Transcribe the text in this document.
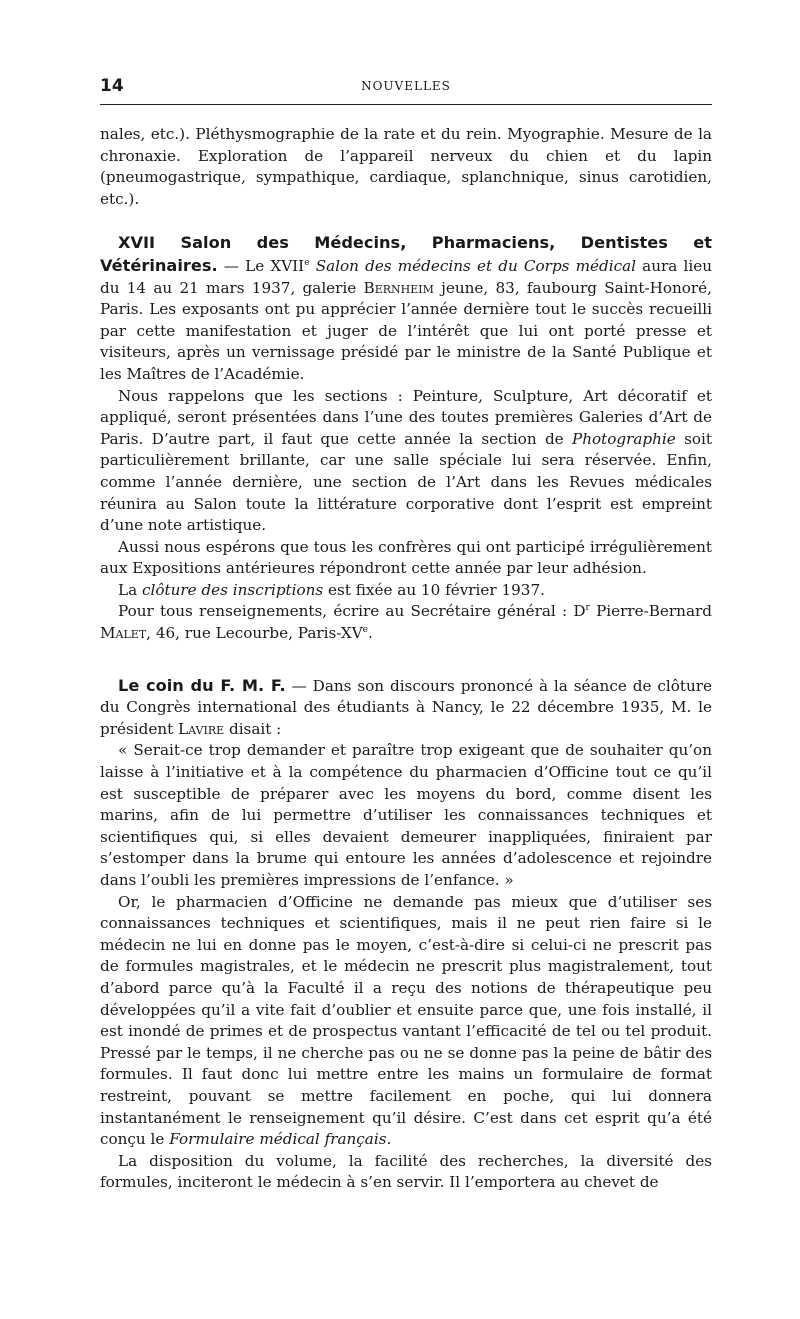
14	NOUVELLES

nales, etc.). Pléthysmographie de la rate et du rein. Myographie. Mesure de la chronaxie. Exploration de l’appareil nerveux du chien et du lapin (pneumogastrique, sympathique, cardiaque, splanchnique, sinus carotidien, etc.).

XVII Salon des Médecins, Pharmaciens, Dentistes et Vétérinaires. — Le XVIIe Salon des médecins et du Corps médical aura lieu du 14 au 21 mars 1937, galerie Bernheim jeune, 83, faubourg Saint-Honoré, Paris. Les exposants ont pu apprécier l’année dernière tout le succès recueilli par cette manifestation et juger de l’intérêt que lui ont porté presse et visiteurs, après un vernissage présidé par le ministre de la Santé Publique et les Maîtres de l’Académie.

Nous rappelons que les sections : Peinture, Sculpture, Art décoratif et appliqué, seront présentées dans l’une des toutes premières Galeries d’Art de Paris. D’autre part, il faut que cette année la section de Photographie soit particulièrement brillante, car une salle spéciale lui sera réservée. Enfin, comme l’année dernière, une section de l’Art dans les Revues médicales réunira au Salon toute la littérature corporative dont l’esprit est empreint d’une note artistique.

Aussi nous espérons que tous les confrères qui ont participé irrégulièrement aux Expositions antérieures répondront cette année par leur adhésion.

La clôture des inscriptions est fixée au 10 février 1937.

Pour tous renseignements, écrire au Secrétaire général : $D^r$ Pierre-Bernard Malet, 46, rue Lecourbe, Paris-XVe.

Le coin du F. M. F. — Dans son discours prononcé à la séance de clôture du Congrès international des étudiants à Nancy, le 22 décembre 1935, M. le président Lavire disait :

« Serait-ce trop demander et paraître trop exigeant que de souhaiter qu’on laisse à l’initiative et à la compétence du pharmacien d’Officine tout ce qu’il est susceptible de préparer avec les moyens du bord, comme disent les marins, afin de lui permettre d’utiliser les connaissances techniques et scientifiques qui, si elles devaient demeurer inappliquées, finiraient par s’estomper dans la brume qui entoure les années d’adolescence et rejoindre dans l’oubli les premières impressions de l’enfance. »

Or, le pharmacien d’Officine ne demande pas mieux que d’utiliser ses connaissances techniques et scientifiques, mais il ne peut rien faire si le médecin ne lui en donne pas le moyen, c’est-à-dire si celui-ci ne prescrit pas de formules magistrales, et le médecin ne prescrit plus magistralement, tout d’abord parce qu’à la Faculté il a reçu des notions de thérapeutique peu développées qu’il a vite fait d’oublier et ensuite parce que, une fois installé, il est inondé de primes et de prospectus vantant l’efficacité de tel ou tel produit. Pressé par le temps, il ne cherche pas ou ne se donne pas la peine de bâtir des formules. Il faut donc lui mettre entre les mains un formulaire de format restreint, pouvant se mettre facilement en poche, qui lui donnera instantanément le renseignement qu’il désire. C’est dans cet esprit qu’a été conçu le Formulaire médical français.

La disposition du volume, la facilité des recherches, la diversité des formules, inciteront le médecin à s’en servir. Il l’emportera au chevet de
